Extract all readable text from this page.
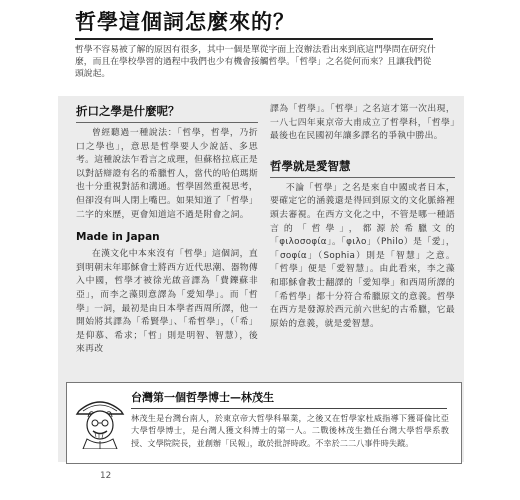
哲學這個詞怎麼來的？
哲學不容易被了解的原因有很多，其中一個是單從字面上沒辦法看出來到底這門學問在研究什麼，而且在學校學習的過程中我們也少有機會接觸哲學。「哲學」之名從何而來？且讓我們從頭說起。
折口之學是什麼呢？

曾經聽過一種說法：「哲學，哲學，乃折口之學也」，意思是哲學要人少說話、多思考。這種說法乍看言之成理，但蘇格拉底正是以對話辯證有名的希臘哲人，當代的哈伯瑪斯也十分重視對話和溝通。哲學固然重視思考，但卻沒有叫人閉上嘴巴。如果知道了「哲學」二字的來歷，更會知道這不過是附會之詞。

Made in Japan

在漢文化中本來沒有「哲學」這個詞，直到明朝末年耶穌會士將西方近代思潮、器物傳入中國，哲學才被徐光啟音譯為「費鑠蘇非亞」，而李之藻則意譯為「愛知學」。而「哲學」一詞，最初是由日本學者西周所譯，他一開始將其譯為「希賢學」、「希哲學」，（「希」是仰慕、希求；「哲」則是明智、智慧），後來再改

譯為「哲學」。「哲學」之名這才第一次出現，一八七四年東京帝大甫成立了哲學科，「哲學」最後也在民國初年讓多譯名的爭執中勝出。

哲學就是愛智慧

不論「哲學」之名是來自中國或者日本，要確定它的涵義還是得回到原文的文化脈絡裡頭去審視。在西方文化之中，不管是哪一種語言的「哲學」，都源於希臘文的「φιλοσοφία」。「φιλο」（Philo）是「愛」，「σοφία」（Sophia）則是「智慧」之意。「哲學」便是「愛智慧」。由此看來，李之藻和耶穌會教士翻譯的「愛知學」和西周所譯的「希哲學」都十分符合希臘原文的意義。哲學在西方是發源於西元前六世紀的古希臘，它最原始的意義，就是愛智慧。

台灣第一個哲學博士—林茂生
林茂生是台灣台南人，於東京帝大哲學科畢業，之後又在哲學家杜威指導下獲哥倫比亞大學哲學博士，是台灣人獲文科博士的第一人。二戰後林茂生擔任台灣大學哲學系教授、文學院院長，並創辦「民報」，敢於批評時政。不幸於二二八事件時失蹤。
12
